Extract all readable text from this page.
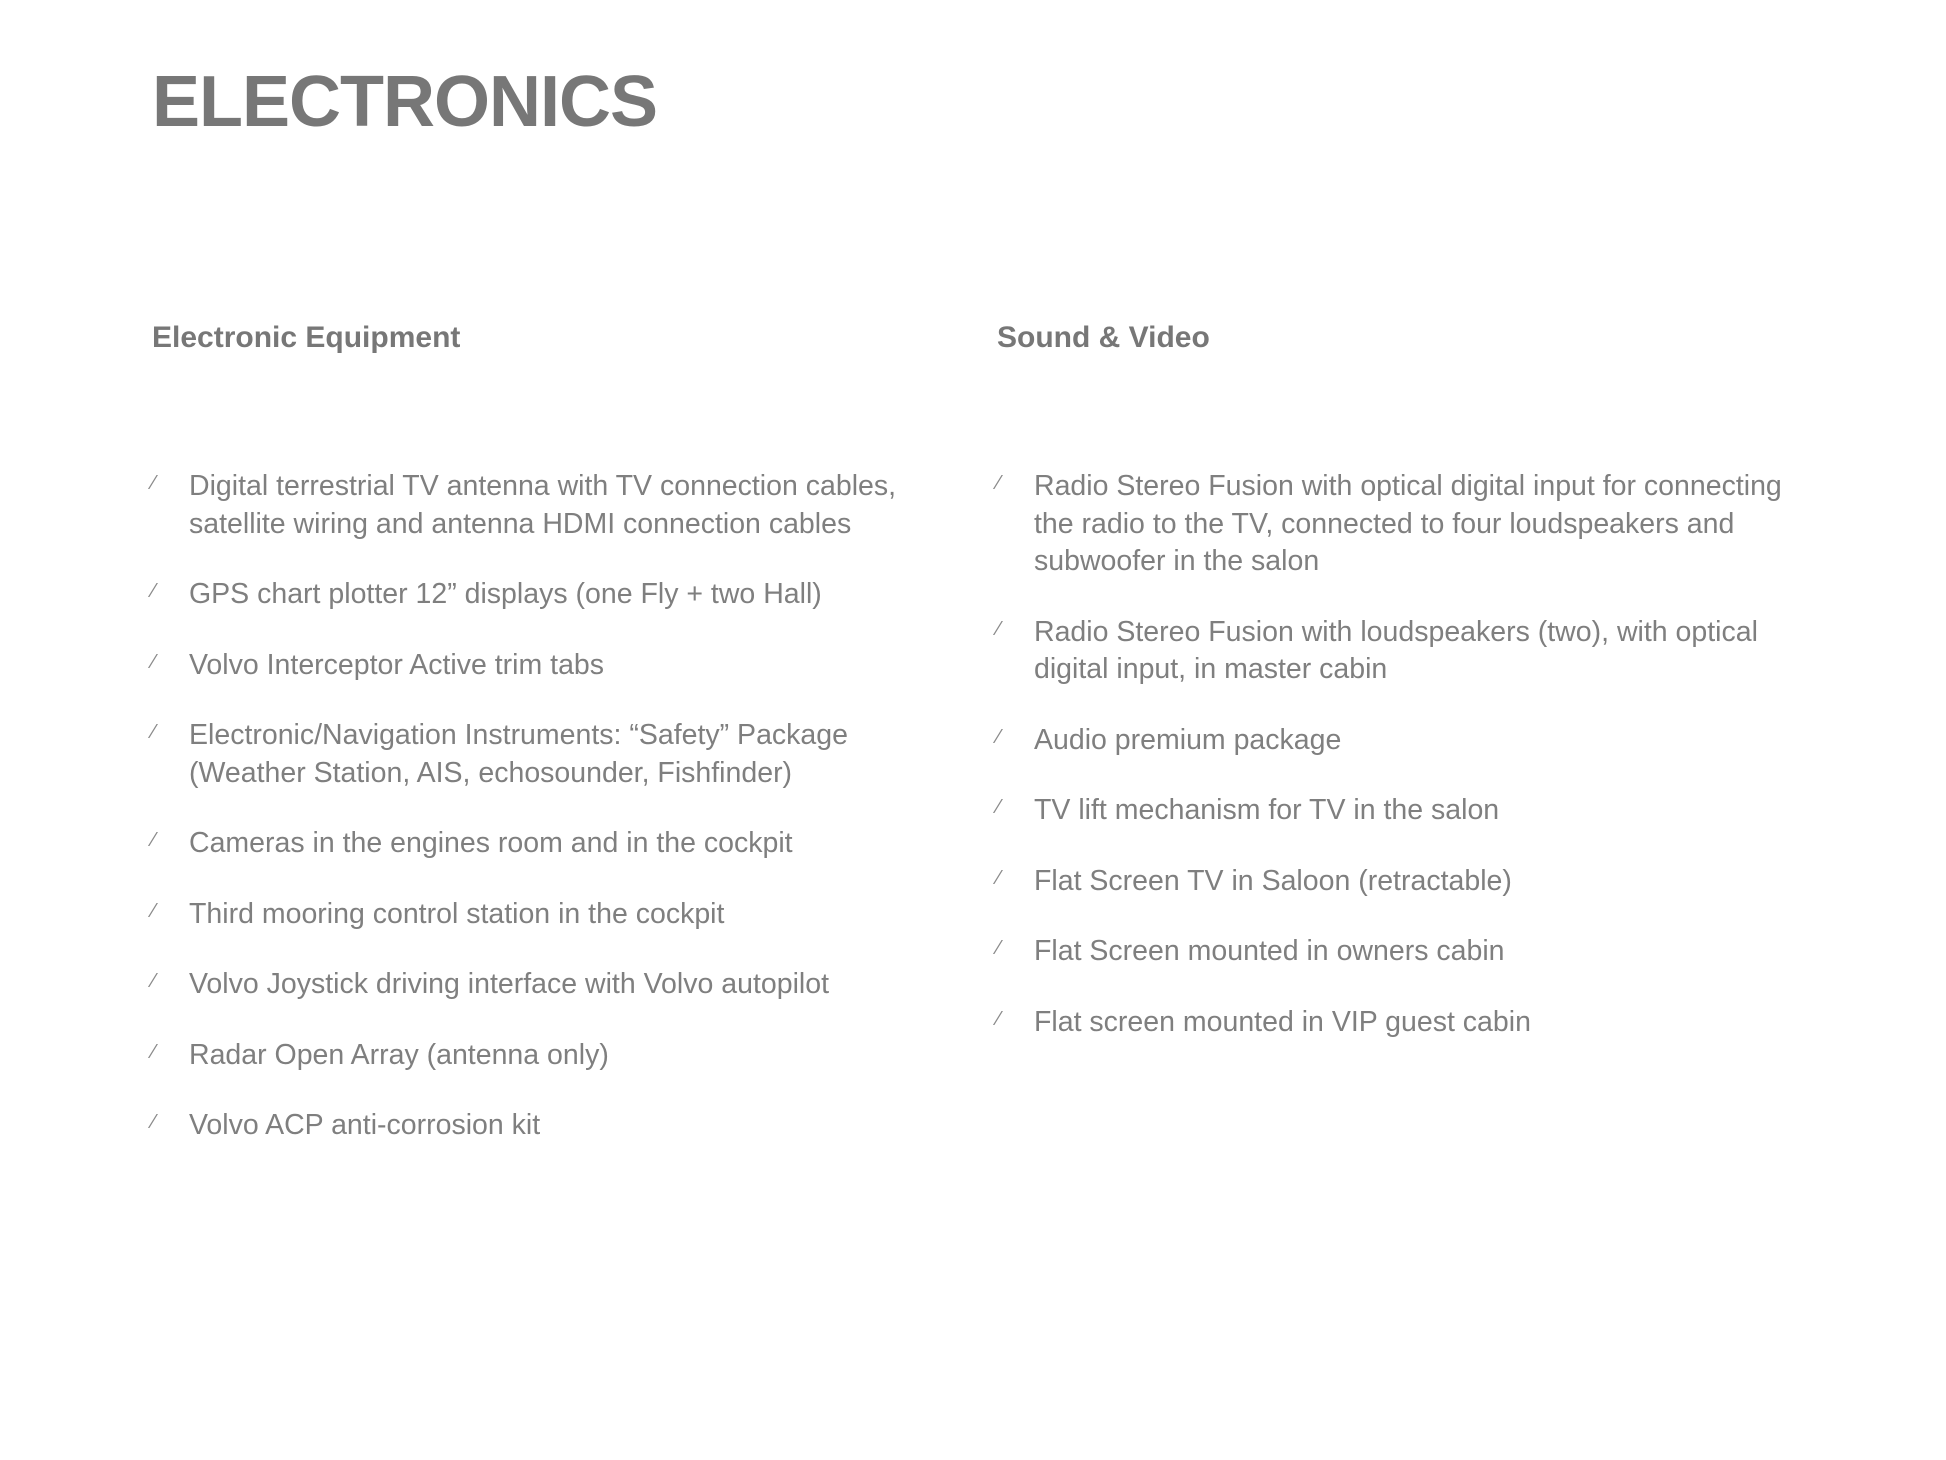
ELECTRONICS
Electronic Equipment
⁄ Digital terrestrial TV antenna with TV connection cables, satellite wiring and antenna HDMI connection cables
⁄ GPS chart plotter 12” displays (one Fly + two Hall)
⁄ Volvo Interceptor Active trim tabs
⁄ Electronic/Navigation Instruments: “Safety” Package (Weather Station, AIS, echosounder, Fishfinder)
⁄ Cameras in the engines room and in the cockpit
⁄ Third mooring control station in the cockpit
⁄ Volvo Joystick driving interface with Volvo autopilot
⁄ Radar Open Array (antenna only)
⁄ Volvo ACP anti-corrosion kit
Sound & Video
⁄ Radio Stereo Fusion with optical digital input for connecting the radio to the TV, connected to four loudspeakers and subwoofer in the salon
⁄ Radio Stereo Fusion with loudspeakers (two), with optical digital input, in master cabin
⁄ Audio premium package
⁄ TV lift mechanism for TV in the salon
⁄ Flat Screen TV in Saloon (retractable)
⁄ Flat Screen mounted in owners cabin
⁄ Flat screen mounted in VIP guest cabin
